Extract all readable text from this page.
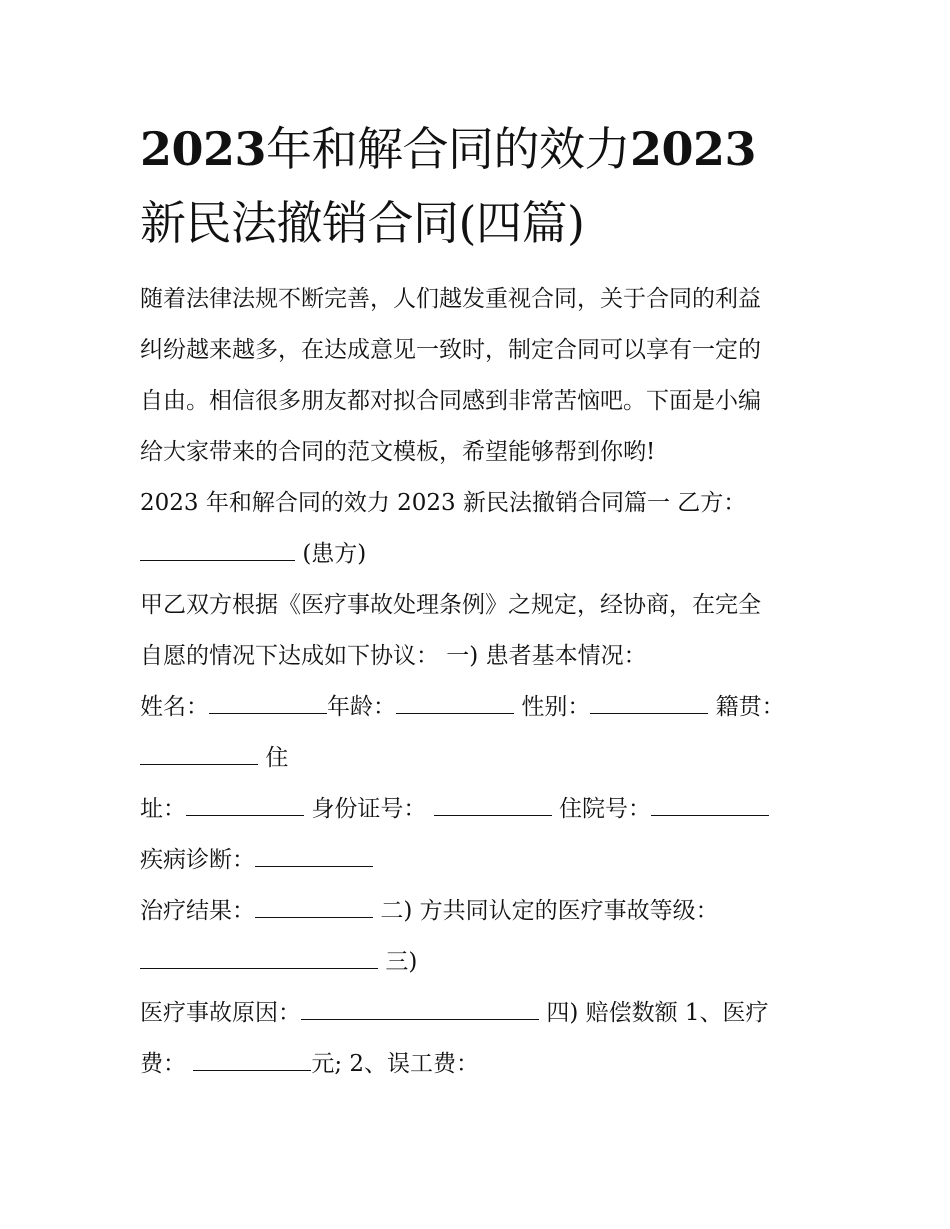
2023年和解合同的效力2023
新民法撤销合同(四篇)
随着法律法规不断完善，人们越发重视合同，关于合同的利益
纠纷越来越多，在达成意见一致时，制定合同可以享有一定的
自由。相信很多朋友都对拟合同感到非常苦恼吧。下面是小编
给大家带来的合同的范文模板，希望能够帮到你哟!
2023 年和解合同的效力 2023 新民法撤销合同篇一 乙方：
(患方)
甲乙双方根据《医疗事故处理条例》之规定，经协商，在完全
自愿的情况下达成如下协议： 一) 患者基本情况：
姓名：	年龄：	性别：	籍贯：
住
址：	身份证号：	住院号：
疾病诊断：
治疗结果：	二) 方共同认定的医疗事故等级：
三)
医疗事故原因：	四) 赔偿数额 1、医疗
费：	元; 2、误工费：
